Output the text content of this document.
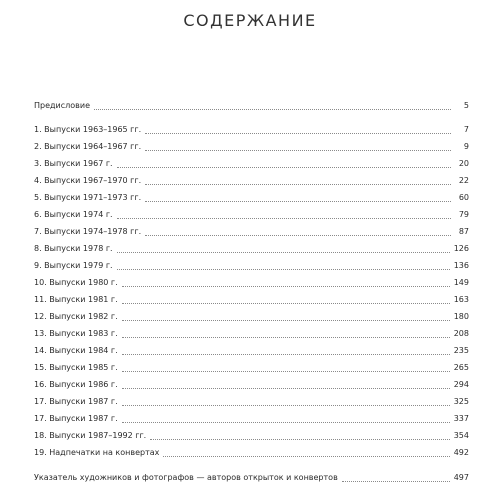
СОДЕРЖАНИЕ
Предисловие	5
1. Выпуски 1963–1965 гг.	7
2. Выпуски 1964–1967 гг.	9
3. Выпуски 1967 г.	20
4. Выпуски 1967–1970 гг.	22
5. Выпуски 1971–1973 гг.	60
6. Выпуски 1974 г.	79
7. Выпуски 1974–1978 гг.	87
8. Выпуски 1978 г.	126
9. Выпуски 1979 г.	136
10. Выпуски 1980 г.	149
11. Выпуски 1981 г.	163
12. Выпуски 1982 г.	180
13. Выпуски 1983 г.	208
14. Выпуски 1984 г.	235
15. Выпуски 1985 г.	265
16. Выпуски 1986 г.	294
17. Выпуски 1987 г.	325
17. Выпуски 1987 г.	337
18. Выпуски 1987–1992 гг.	354
19. Надпечатки на конвертах	492
Указатель художников и фотографов — авторов открыток и конвертов	497
